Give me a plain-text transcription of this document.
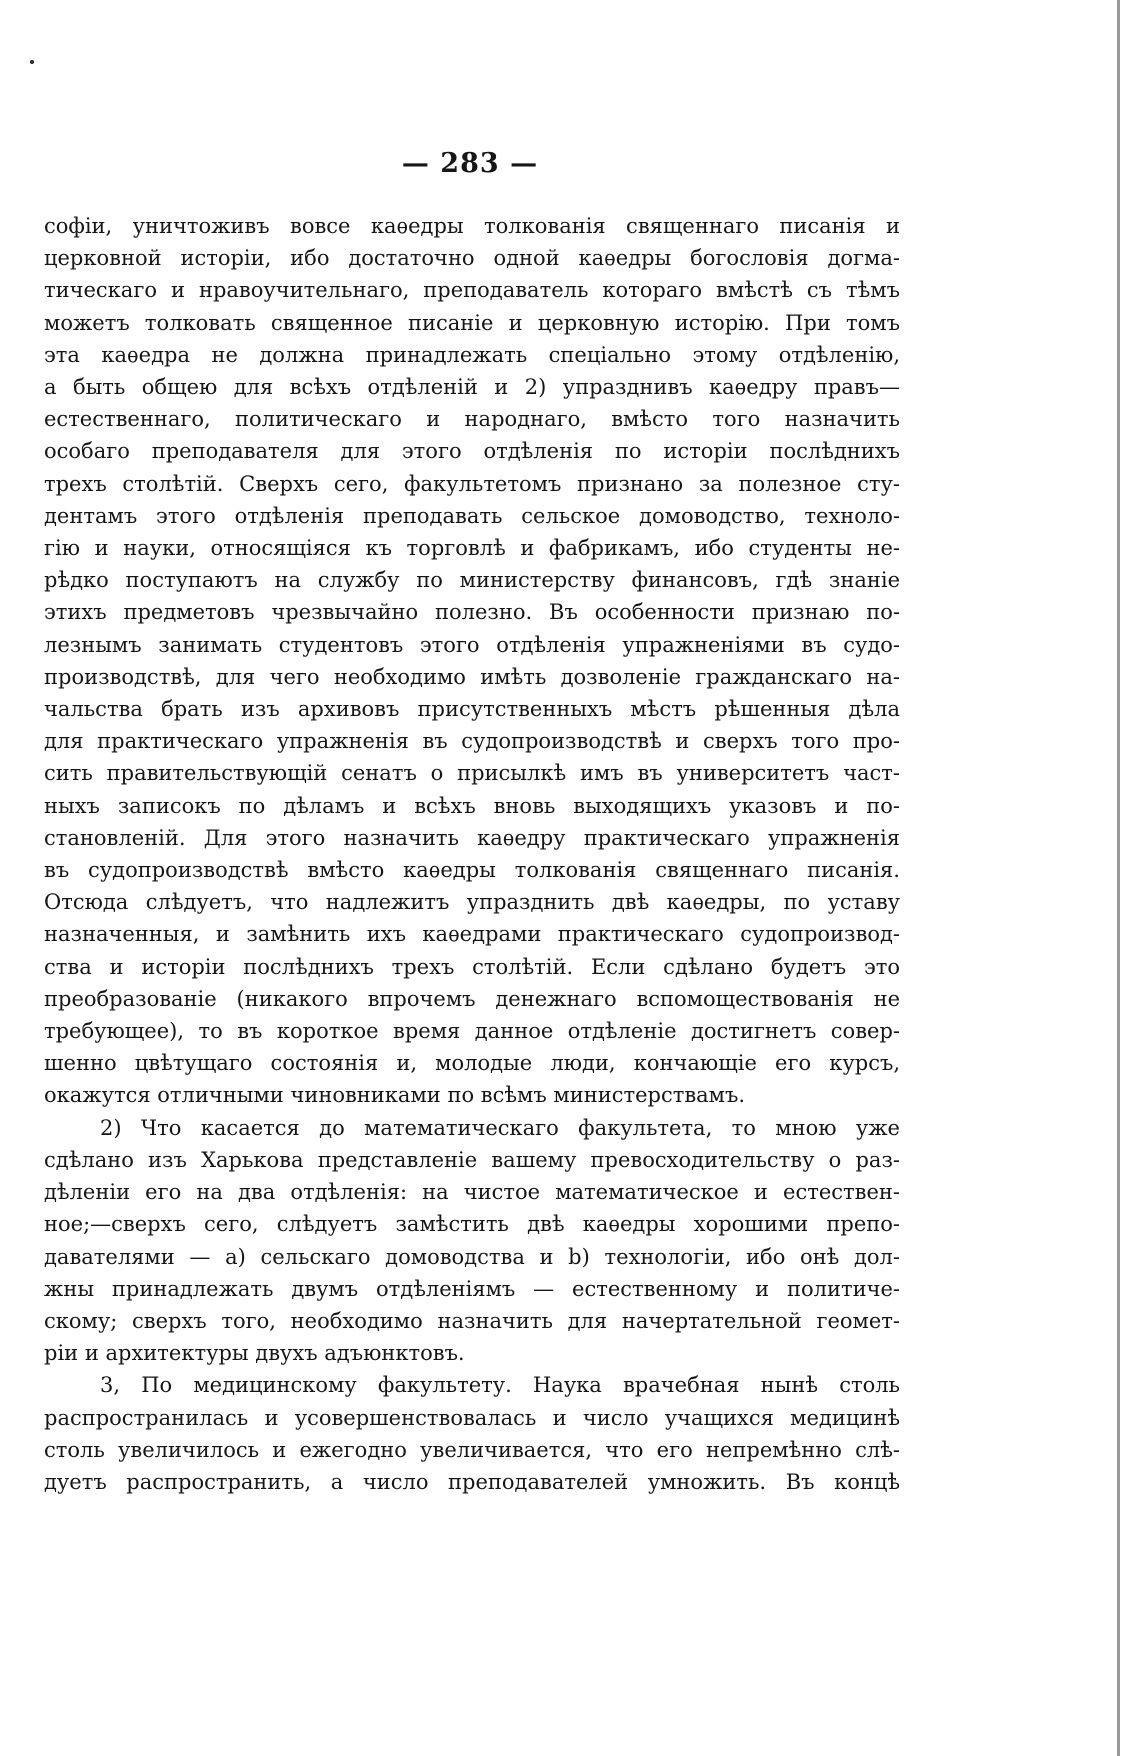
— 283 —
софіи, уничтоживъ вовсе каѳедры толкованія священнаго писанія и
церковной исторіи, ибо достаточно одной каѳедры богословія догма-
тическаго и нравоучительнаго, преподаватель котораго вмѣстѣ съ тѣмъ
можетъ толковать священное писаніе и церковную исторію. При томъ
эта каѳедра не должна принадлежать спеціально этому отдѣленію,
а быть общею для всѣхъ отдѣленій и 2) упразднивъ каѳедру правъ—
естественнаго, политическаго и народнаго, вмѣсто того назначить
особаго преподавателя для этого отдѣленія по исторіи послѣднихъ
трехъ столѣтій. Сверхъ сего, факультетомъ признано за полезное сту-
дентамъ этого отдѣленія преподавать сельское домоводство, техноло-
гію и науки, относящіяся къ торговлѣ и фабрикамъ, ибо студенты не-
рѣдко поступаютъ на службу по министерству финансовъ, гдѣ знаніе
этихъ предметовъ чрезвычайно полезно. Въ особенности признаю по-
лезнымъ занимать студентовъ этого отдѣленія упражненіями въ судо-
производствѣ, для чего необходимо имѣть дозволеніе гражданскаго на-
чальства брать изъ архивовъ присутственныхъ мѣстъ рѣшенныя дѣла
для практическаго упражненія въ судопроизводствѣ и сверхъ того про-
сить правительствующій сенатъ о присылкѣ имъ въ университетъ част-
ныхъ записокъ по дѣламъ и всѣхъ вновь выходящихъ указовъ и по-
становленій. Для этого назначить каѳедру практическаго упражненія
въ судопроизводствѣ вмѣсто каѳедры толкованія священнаго писанія.
Отсюда слѣдуетъ, что надлежитъ упразднить двѣ каѳедры, по уставу
назначенныя, и замѣнить ихъ каѳедрами практическаго судопроизвод-
ства и исторіи послѣднихъ трехъ столѣтій. Если сдѣлано будетъ это
преобразованіе (никакого впрочемъ денежнаго вспомоществованія не
требующее), то въ короткое время данное отдѣленіе достигнетъ совер-
шенно цвѣтущаго состоянія и, молодые люди, кончающіе его курсъ,
окажутся отличными чиновниками по всѣмъ министерствамъ.
2) Что касается до математическаго факультета, то мною уже
сдѣлано изъ Харькова представленіе вашему превосходительству о раз-
дѣленіи его на два отдѣленія: на чистое математическое и естествен-
ное;—сверхъ сего, слѣдуетъ замѣстить двѣ каѳедры хорошими препо-
давателями — а) сельскаго домоводства и b) технологіи, ибо онѣ дол-
жны принадлежать двумъ отдѣленіямъ — естественному и политиче-
скому; сверхъ того, необходимо назначить для начертательной геомет-
ріи и архитектуры двухъ адъюнктовъ.
3, По медицинскому факультету. Наука врачебная нынѣ столь
распространилась и усовершенствовалась и число учащихся медицинѣ
столь увеличилось и ежегодно увеличивается, что его непремѣнно слѣ-
дуетъ распространить, а число преподавателей умножить. Въ концѣ
